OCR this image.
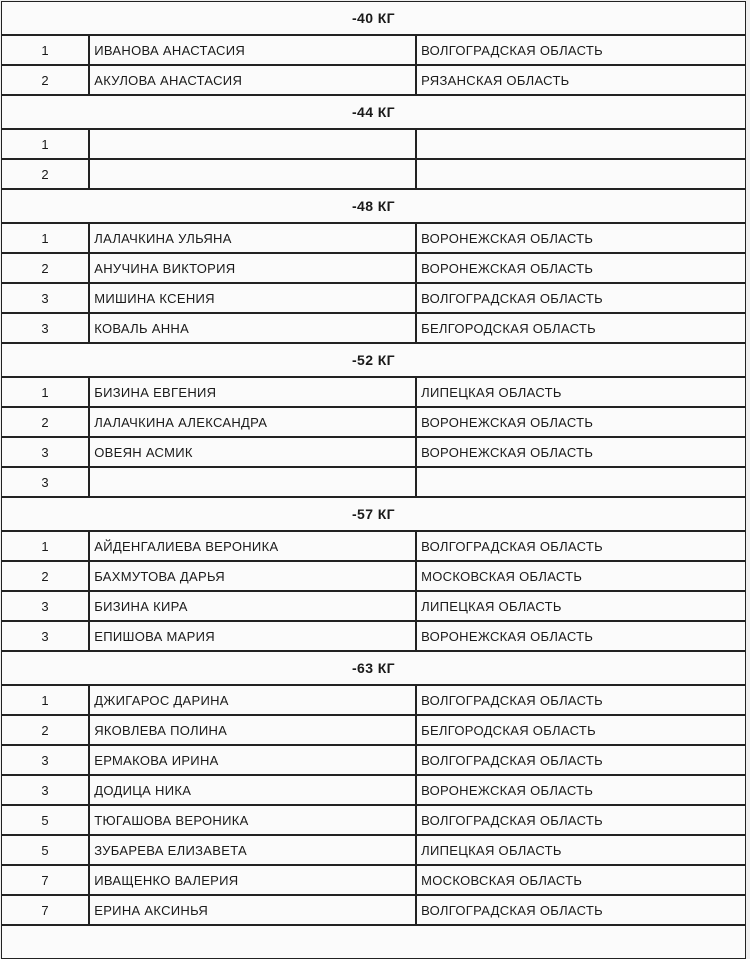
-40 КГ		
1	ИВАНОВА АНАСТАСИЯ	ВОЛГОГРАДСКАЯ ОБЛАСТЬ
2	АКУЛОВА АНАСТАСИЯ	РЯЗАНСКАЯ ОБЛАСТЬ
-44 КГ		
1		
2		
-48 КГ		
1	ЛАЛАЧКИНА УЛЬЯНА	ВОРОНЕЖСКАЯ ОБЛАСТЬ
2	АНУЧИНА ВИКТОРИЯ	ВОРОНЕЖСКАЯ ОБЛАСТЬ
3	МИШИНА КСЕНИЯ	ВОЛГОГРАДСКАЯ ОБЛАСТЬ
3	КОВАЛЬ АННА	БЕЛГОРОДСКАЯ ОБЛАСТЬ
-52 КГ		
1	БИЗИНА ЕВГЕНИЯ	ЛИПЕЦКАЯ ОБЛАСТЬ
2	ЛАЛАЧКИНА АЛЕКСАНДРА	ВОРОНЕЖСКАЯ ОБЛАСТЬ
3	ОВЕЯН АСМИК	ВОРОНЕЖСКАЯ ОБЛАСТЬ
3		
-57 КГ		
1	АЙДЕНГАЛИЕВА ВЕРОНИКА	ВОЛГОГРАДСКАЯ ОБЛАСТЬ
2	БАХМУТОВА ДАРЬЯ	МОСКОВСКАЯ ОБЛАСТЬ
3	БИЗИНА КИРА	ЛИПЕЦКАЯ ОБЛАСТЬ
3	ЕПИШОВА МАРИЯ	ВОРОНЕЖСКАЯ ОБЛАСТЬ
-63 КГ		
1	ДЖИГАРОС ДАРИНА	ВОЛГОГРАДСКАЯ ОБЛАСТЬ
2	ЯКОВЛЕВА ПОЛИНА	БЕЛГОРОДСКАЯ ОБЛАСТЬ
3	ЕРМАКОВА ИРИНА	ВОЛГОГРАДСКАЯ ОБЛАСТЬ
3	ДОДИЦА НИКА	ВОРОНЕЖСКАЯ ОБЛАСТЬ
5	ТЮГАШОВА ВЕРОНИКА	ВОЛГОГРАДСКАЯ ОБЛАСТЬ
5	ЗУБАРЕВА ЕЛИЗАВЕТА	ЛИПЕЦКАЯ ОБЛАСТЬ
7	ИВАЩЕНКО ВАЛЕРИЯ	МОСКОВСКАЯ ОБЛАСТЬ
7	ЕРИНА АКСИНЬЯ	ВОЛГОГРАДСКАЯ ОБЛАСТЬ
